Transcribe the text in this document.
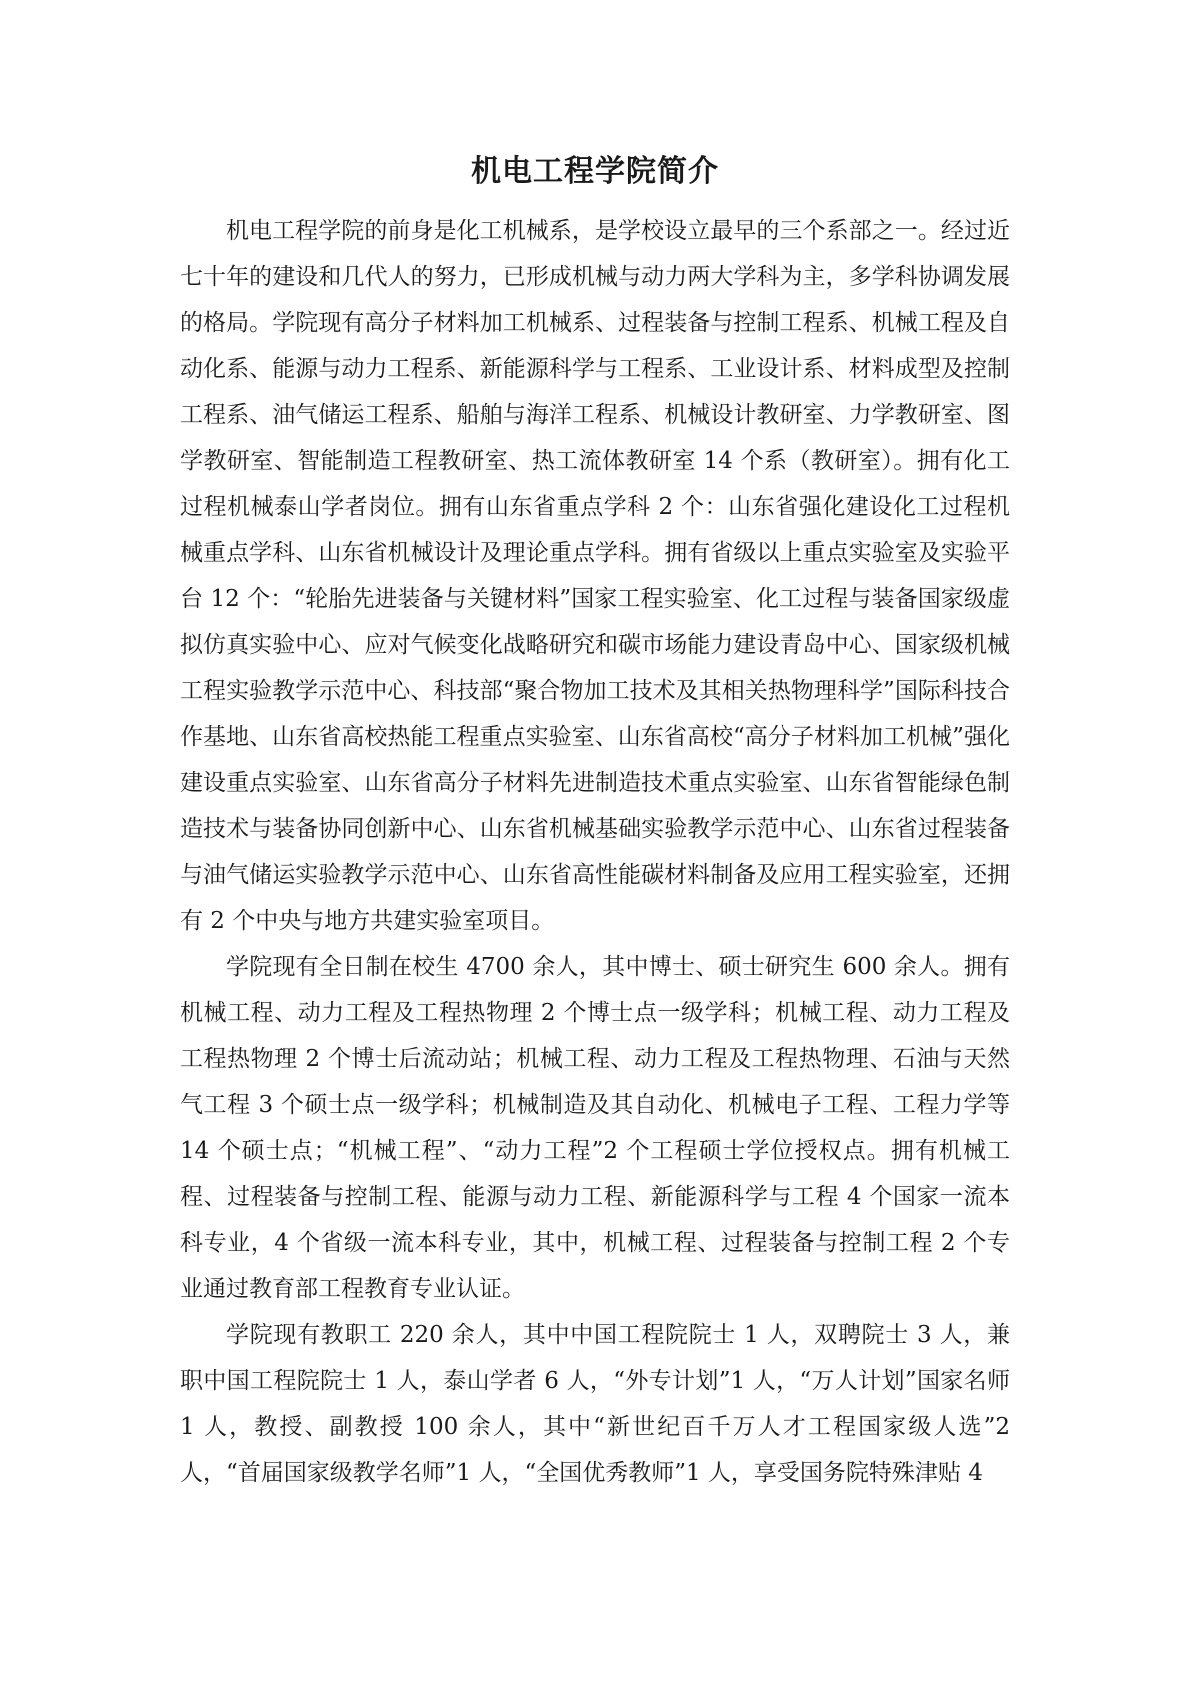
机电工程学院简介

机电工程学院的前身是化工机械系，是学校设立最早的三个系部之一。经过近七十年的建设和几代人的努力，已形成机械与动力两大学科为主，多学科协调发展的格局。学院现有高分子材料加工机械系、过程装备与控制工程系、机械工程及自动化系、能源与动力工程系、新能源科学与工程系、工业设计系、材料成型及控制工程系、油气储运工程系、船舶与海洋工程系、机械设计教研室、力学教研室、图学教研室、智能制造工程教研室、热工流体教研室 14 个系（教研室）。拥有化工过程机械泰山学者岗位。拥有山东省重点学科 2 个：山东省强化建设化工过程机械重点学科、山东省机械设计及理论重点学科。拥有省级以上重点实验室及实验平台 12 个：“轮胎先进装备与关键材料”国家工程实验室、化工过程与装备国家级虚拟仿真实验中心、应对气候变化战略研究和碳市场能力建设青岛中心、国家级机械工程实验教学示范中心、科技部“聚合物加工技术及其相关热物理科学”国际科技合作基地、山东省高校热能工程重点实验室、山东省高校“高分子材料加工机械”强化建设重点实验室、山东省高分子材料先进制造技术重点实验室、山东省智能绿色制造技术与装备协同创新中心、山东省机械基础实验教学示范中心、山东省过程装备与油气储运实验教学示范中心、山东省高性能碳材料制备及应用工程实验室，还拥有 2 个中央与地方共建实验室项目。

学院现有全日制在校生 4700 余人，其中博士、硕士研究生 600 余人。拥有机械工程、动力工程及工程热物理 2 个博士点一级学科；机械工程、动力工程及工程热物理 2 个博士后流动站；机械工程、动力工程及工程热物理、石油与天然气工程 3 个硕士点一级学科；机械制造及其自动化、机械电子工程、工程力学等 14 个硕士点；“机械工程”、“动力工程”2 个工程硕士学位授权点。拥有机械工程、过程装备与控制工程、能源与动力工程、新能源科学与工程 4 个国家一流本科专业，4 个省级一流本科专业，其中，机械工程、过程装备与控制工程 2 个专业通过教育部工程教育专业认证。

学院现有教职工 220 余人，其中中国工程院院士 1 人，双聘院士 3 人，兼职中国工程院院士 1 人，泰山学者 6 人，“外专计划”1 人，“万人计划”国家名师 1 人，教授、副教授 100 余人，其中“新世纪百千万人才工程国家级人选”2 人，“首届国家级教学名师”1 人，“全国优秀教师”1 人，享受国务院特殊津贴 4
